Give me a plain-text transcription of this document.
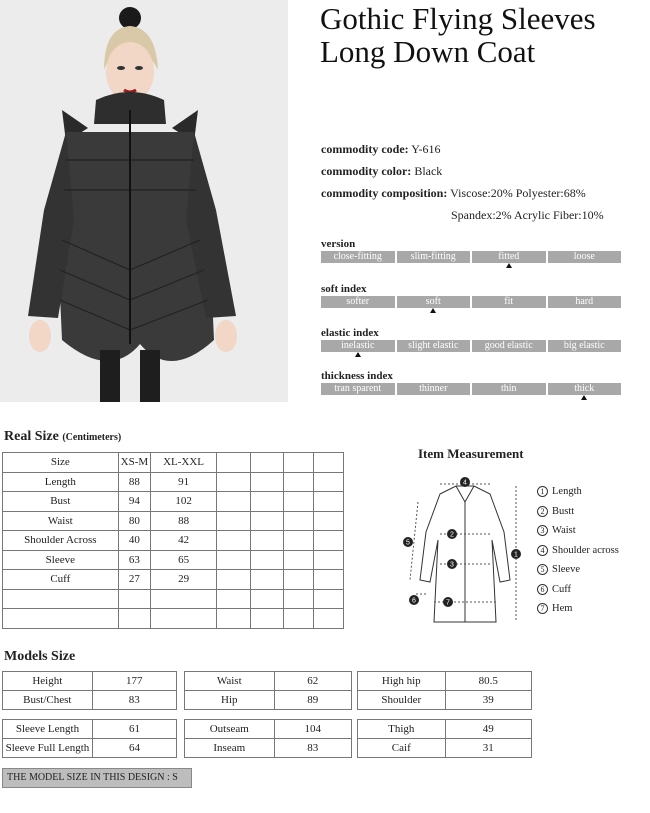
Gothic Flying Sleeves
Long Down Coat
commodity code: Y-616
commodity color: Black
commodity composition: Viscose:20% Polyester:68%
Spandex:2% Acrylic Fiber:10%
version
close-fitting	slim-fitting	fitted	loose
soft index
softer	soft	fit	hard
elastic index
inelastic	slight elastic	good elastic	big elastic
thickness index
tran sparent	thinner	thin	thick
Real Size (Centimeters)
Size	XS-M	XL-XXL				
Length	88	91				
Bust	94	102				
Waist	80	88				
Shoulder Across	40	42				
Sleeve	63	65				
Cuff	27	29				

Item Measurement
4
2
3
7
1
5
6
1 Length
2 Bustt
3 Waist
4 Shoulder across
5 Sleeve
6 Cuff
7 Hem
Models Size
Height	177
Bust/Chest	83
Waist	62
Hip	89
High hip	80.5
Shoulder	39
Sleeve Length	61
Sleeve Full Length	64
Outseam	104
Inseam	83
Thigh	49
Caif	31
THE MODEL SIZE IN THIS DESIGN : S
